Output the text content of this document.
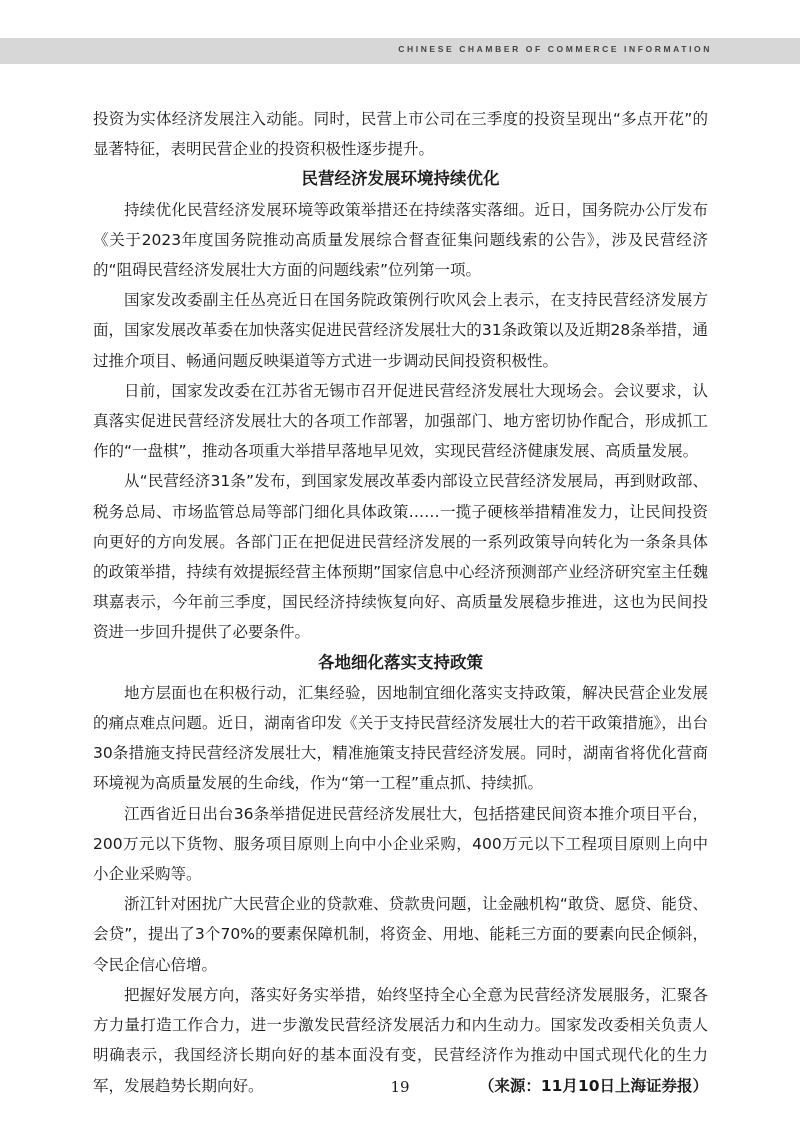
CHINESE CHAMBER OF COMMERCE INFORMATION

投资为实体经济发展注入动能。同时，民营上市公司在三季度的投资呈现出“多点开花”的显著特征，表明民营企业的投资积极性逐步提升。

民营经济发展环境持续优化

持续优化民营经济发展环境等政策举措还在持续落实落细。近日，国务院办公厅发布《关于2023年度国务院推动高质量发展综合督查征集问题线索的公告》，涉及民营经济的“阻碍民营经济发展壮大方面的问题线索”位列第一项。

国家发改委副主任丛亮近日在国务院政策例行吹风会上表示，在支持民营经济发展方面，国家发展改革委在加快落实促进民营经济发展壮大的31条政策以及近期28条举措，通过推介项目、畅通问题反映渠道等方式进一步调动民间投资积极性。

日前，国家发改委在江苏省无锡市召开促进民营经济发展壮大现场会。会议要求，认真落实促进民营经济发展壮大的各项工作部署，加强部门、地方密切协作配合，形成抓工作的“一盘棋”，推动各项重大举措早落地早见效，实现民营经济健康发展、高质量发展。

从“民营经济31条”发布，到国家发展改革委内部设立民营经济发展局，再到财政部、税务总局、市场监管总局等部门细化具体政策……一揽子硬核举措精准发力，让民间投资向更好的方向发展。各部门正在把促进民营经济发展的一系列政策导向转化为一条条具体的政策举措，持续有效提振经营主体预期”国家信息中心经济预测部产业经济研究室主任魏琪嘉表示，今年前三季度，国民经济持续恢复向好、高质量发展稳步推进，这也为民间投资进一步回升提供了必要条件。

各地细化落实支持政策

地方层面也在积极行动，汇集经验，因地制宜细化落实支持政策，解决民营企业发展的痛点难点问题。近日，湖南省印发《关于支持民营经济发展壮大的若干政策措施》，出台30条措施支持民营经济发展壮大，精准施策支持民营经济发展。同时，湖南省将优化营商环境视为高质量发展的生命线，作为“第一工程”重点抓、持续抓。

江西省近日出台36条举措促进民营经济发展壮大，包括搭建民间资本推介项目平台，200万元以下货物、服务项目原则上向中小企业采购，400万元以下工程项目原则上向中小企业采购等。

浙江针对困扰广大民营企业的贷款难、贷款贵问题，让金融机构“敢贷、愿贷、能贷、会贷”，提出了3个70%的要素保障机制，将资金、用地、能耗三方面的要素向民企倾斜，令民企信心倍增。

把握好发展方向，落实好务实举措，始终坚持全心全意为民营经济发展服务，汇聚各方力量打造工作合力，进一步激发民营经济发展活力和内生动力。国家发改委相关负责人明确表示，我国经济长期向好的基本面没有变，民营经济作为推动中国式现代化的生力军，发展趋势长期向好。	（来源：11月10日上海证券报）
19
